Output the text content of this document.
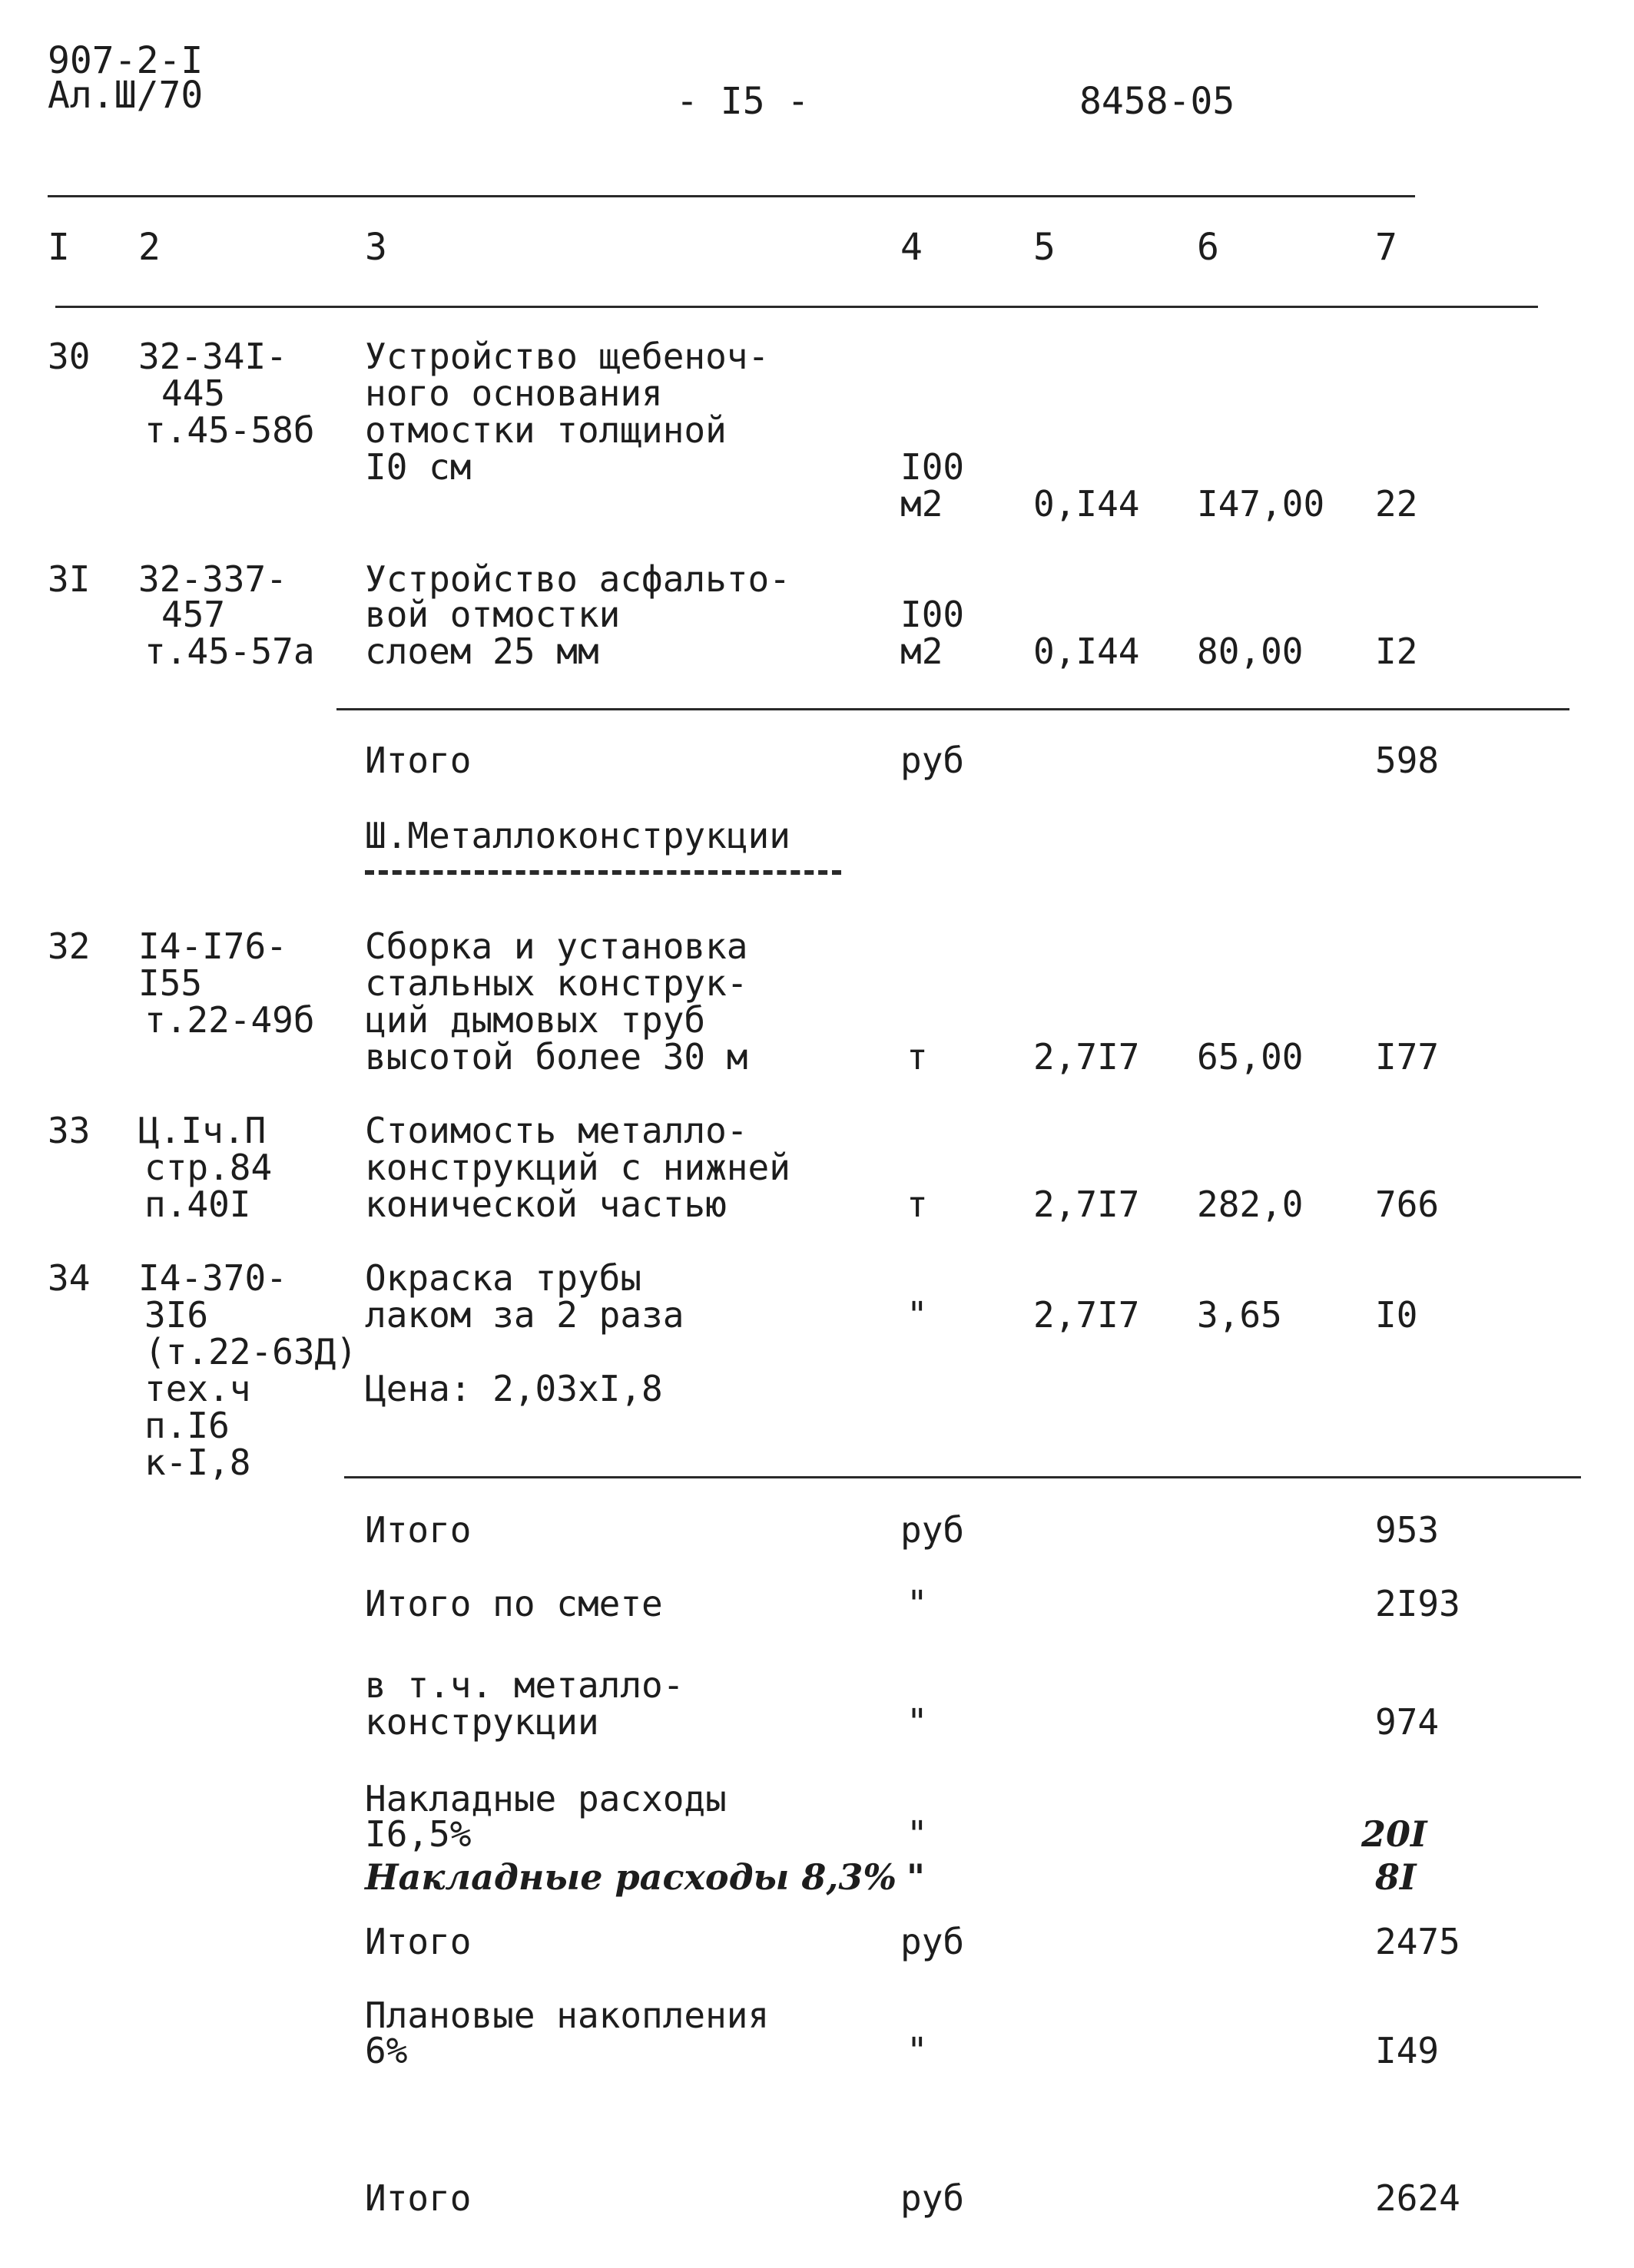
907-2-I
Ал.Ш/70	- I5 -	8458-05
I 2	3	4	5	6	7
30 32-34I-
445
т.45-58б
Устройство щебеноч-
ного основания
отмостки толщиной
I0 см	I00
м2	0,I44 I47,00 22
3I 32-337-
457
т.45-57а
Устройство асфальто-
вой отмостки
слоем 25 мм
I00
м2	0,I44 80,00 I2
Итого	руб	598
Ш.Металлоконструкции
32 I4-I76-
I55
т.22-49б
Сборка и установка
стальных конструк-
ций дымовых труб
высотой более 30 м	т	2,7I7 65,00 I77
33 Ц.Iч.П
стр.84
п.40I
Стоимость металло-
конструкций с нижней
конической частью	т	2,7I7 282,0 766
34 I4-370-
3I6
(т.22-63Д)
тех.ч
п.I6
к-I,8
Окраска трубы
лаком за 2 раза
Цена: 2,03хI,8
"	2,7I7 3,65	I0
Итого	руб	953
Итого по смете	"	2I93
в т.ч. металло-
конструкции	"	974
Накладные расходы
I6,5%	"	20I
Накладные расходы 8,3% "	8I
Итого	руб	2475
Плановые накопления
6%	"	I49
Итого	руб	2624
